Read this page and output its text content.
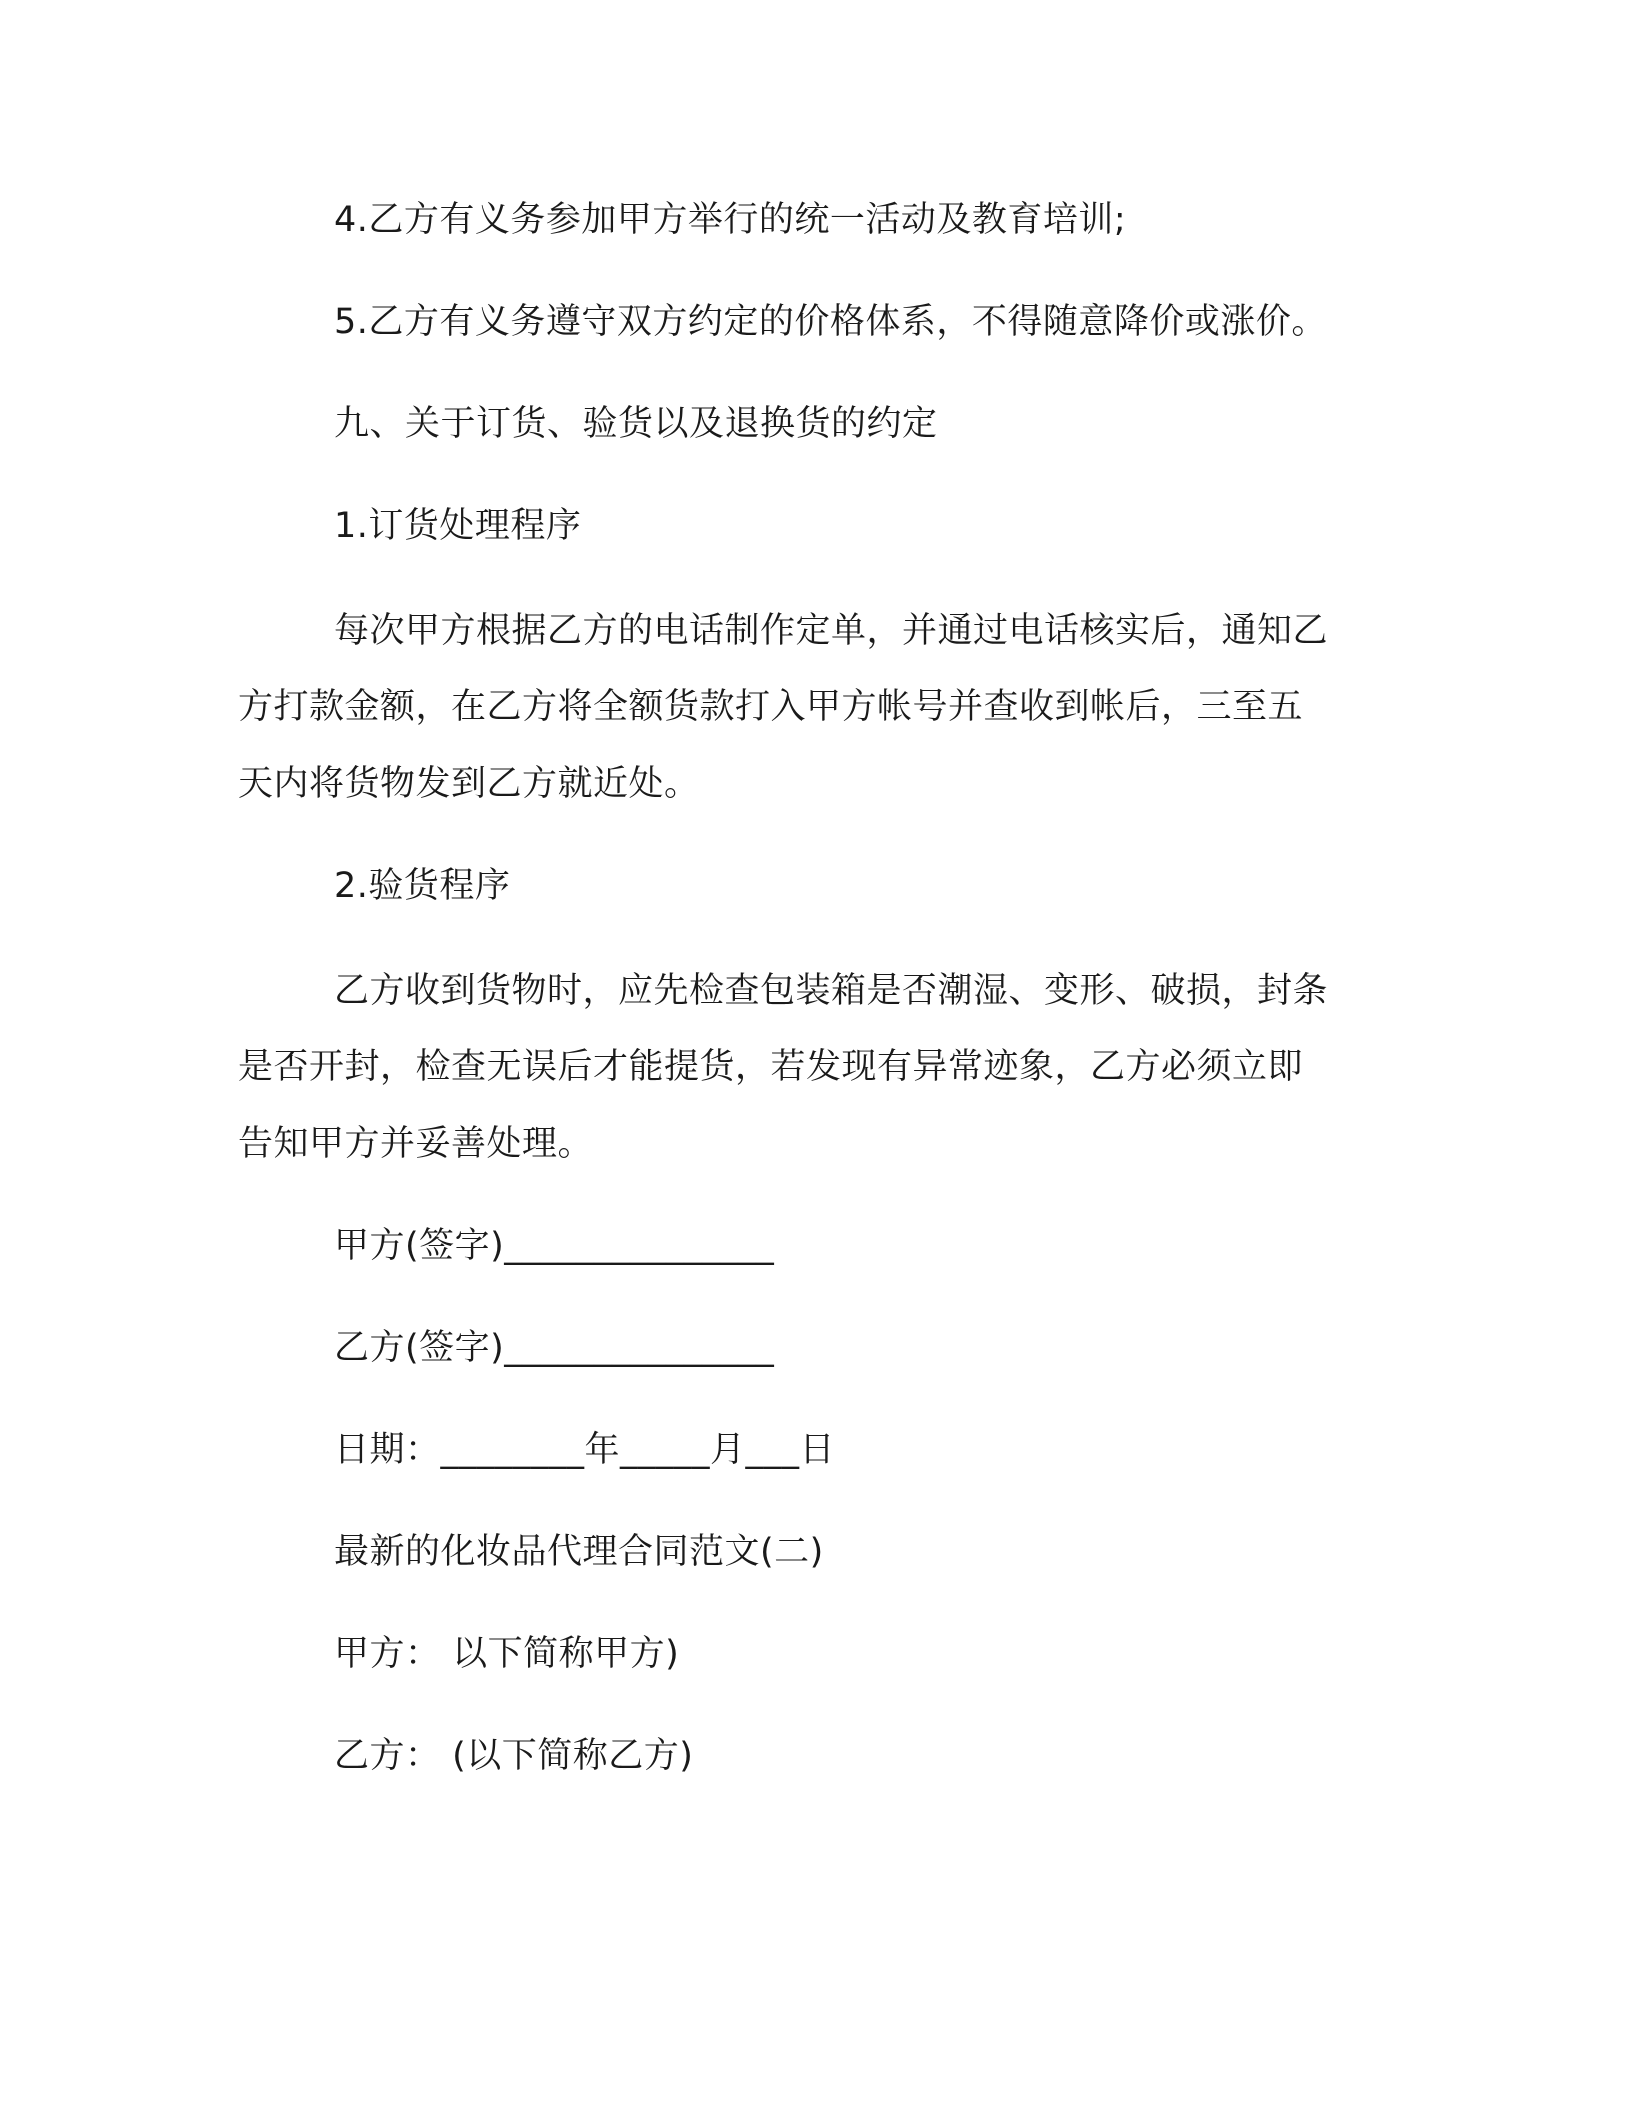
4.乙方有义务参加甲方举行的统一活动及教育培训;
5.乙方有义务遵守双方约定的价格体系，不得随意降价或涨价。
九、关于订货、验货以及退换货的约定
1.订货处理程序
每次甲方根据乙方的电话制作定单，并通过电话核实后，通知乙
方打款金额，在乙方将全额货款打入甲方帐号并查收到帐后，三至五
天内将货物发到乙方就近处。
2.验货程序
乙方收到货物时，应先检查包装箱是否潮湿、变形、破损，封条
是否开封，检查无误后才能提货，若发现有异常迹象，乙方必须立即
告知甲方并妥善处理。
甲方(签字)_______________
乙方(签字)_______________
日期：________年_____月___日
最新的化妆品代理合同范文(二)
甲方： 以下简称甲方)
乙方： (以下简称乙方)
